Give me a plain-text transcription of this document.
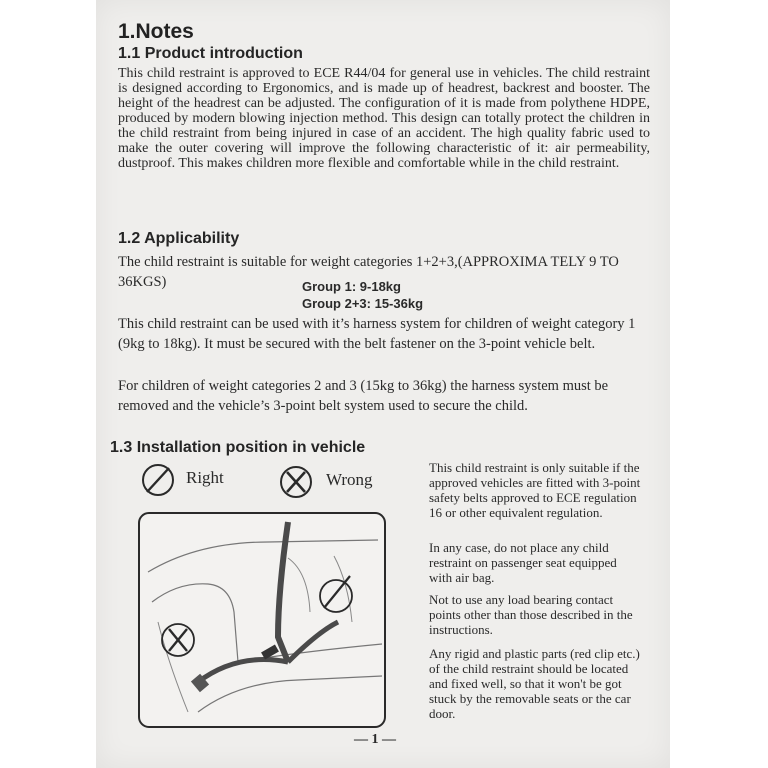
1.Notes
1.1 Product introduction

This child restraint is approved to ECE R44/04 for general use in vehicles. The child restraint is designed according to Ergonomics, and is made up of headrest, backrest and booster. The height of the headrest can be adjusted. The configuration of it is made from polythene HDPE, produced by modern blowing injection method. This design can totally protect the children in the child restraint from being injured in case of an accident. The high quality fabric used to make the outer covering will improve the following characteristic of it: air permeability, dustproof. This makes children more flexible and comfortable while in the child restraint.

1.2 Applicability

The child restraint is suitable for weight categories 1+2+3,(APPROXIMA TELY 9 TO 36KGS)	Group 1: 9-18kg

Group 2+3: 15-36kg

This child restraint can be used with it’s harness system for children of weight category 1 (9kg to 18kg). It must be secured with the belt fastener on the 3-point vehicle belt.

For children of weight categories 2 and 3 (15kg to 36kg) the harness system must be removed and the vehicle’s 3-point belt system used to secure the child.

1.3 Installation position in vehicle
Right	Wrong

This child restraint is only suitable if the approved vehicles are fitted with 3-point safety belts approved to ECE regulation 16 or other equivalent regulation.

In any case, do not place any child restraint on passenger seat equipped with air bag.

Not to use any load bearing contact points other than those described in the instructions.

Any rigid and plastic parts (red clip etc.) of the child restraint should be located and fixed well, so that it won't be got stuck by the removable seats or the car door.

— 1 —
